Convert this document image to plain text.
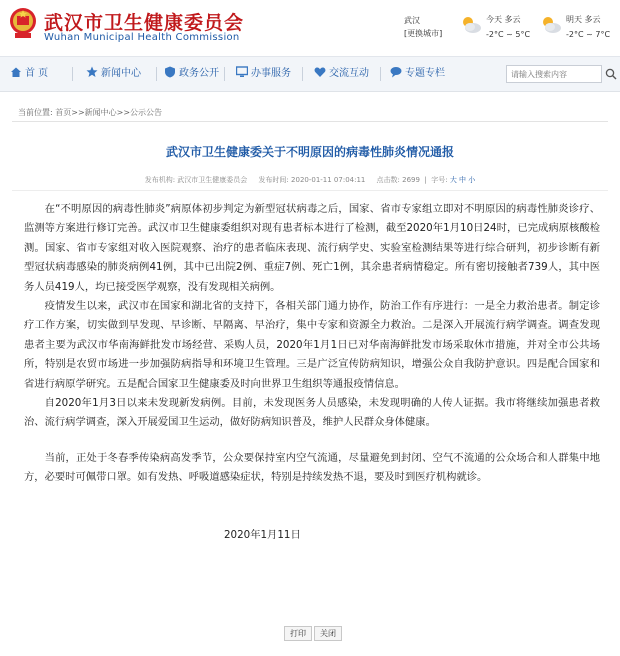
武汉市卫生健康委员会
Wuhan Municipal Health Commission
武汉
[更换城市]
今天 多云
-2°C ~ 5°C
明天 多云
-2°C ~ 7°C
首 页	新闻中心	政务公开	办事服务	交流互动	专题专栏
请输入搜索内容
当前位置: 首页>>新闻中心>>公示公告
武汉市卫生健康委关于不明原因的病毒性肺炎情况通报
发布机构: 武汉市卫生健康委员会 发布时间: 2020-01-11 07:04:11 点击数: 2699  |  字号: 大 中 小

在“不明原因的病毒性肺炎”病原体初步判定为新型冠状病毒之后，国家、省市专家组立即对不明原因的病毒性肺炎诊疗、监测等方案进行修订完善。武汉市卫生健康委组织对现有患者标本进行了检测，截至2020年1月10日24时，已完成病原核酸检测。国家、省市专家组对收入医院观察、治疗的患者临床表现、流行病学史、实验室检测结果等进行综合研判，初步诊断有新型冠状病毒感染的肺炎病例41例，其中已出院2例、重症7例、死亡1例，其余患者病情稳定。所有密切接触者739人，其中医务人员419人，均已接受医学观察，没有发现相关病例。

疫情发生以来，武汉市在国家和湖北省的支持下，各相关部门通力协作，防治工作有序进行：一是全力救治患者。制定诊疗工作方案，切实做到早发现、早诊断、早隔离、早治疗，集中专家和资源全力救治。二是深入开展流行病学调查。调查发现患者主要为武汉市华南海鲜批发市场经营、采购人员，2020年1月1日已对华南海鲜批发市场采取休市措施，并对全市公共场所，特别是农贸市场进一步加强防病指导和环境卫生管理。三是广泛宣传防病知识，增强公众自我防护意识。四是配合国家和省进行病原学研究。五是配合国家卫生健康委及时向世界卫生组织等通报疫情信息。

自2020年1月3日以来未发现新发病例。目前，未发现医务人员感染，未发现明确的人传人证据。我市将继续加强患者救治、流行病学调查，深入开展爱国卫生运动，做好防病知识普及，维护人民群众身体健康。

当前，正处于冬春季传染病高发季节，公众要保持室内空气流通，尽量避免到封闭、空气不流通的公众场合和人群集中地方，必要时可佩带口罩。如有发热、呼吸道感染症状，特别是持续发热不退，要及时到医疗机构就诊。

2020年1月11日

打印	关闭
